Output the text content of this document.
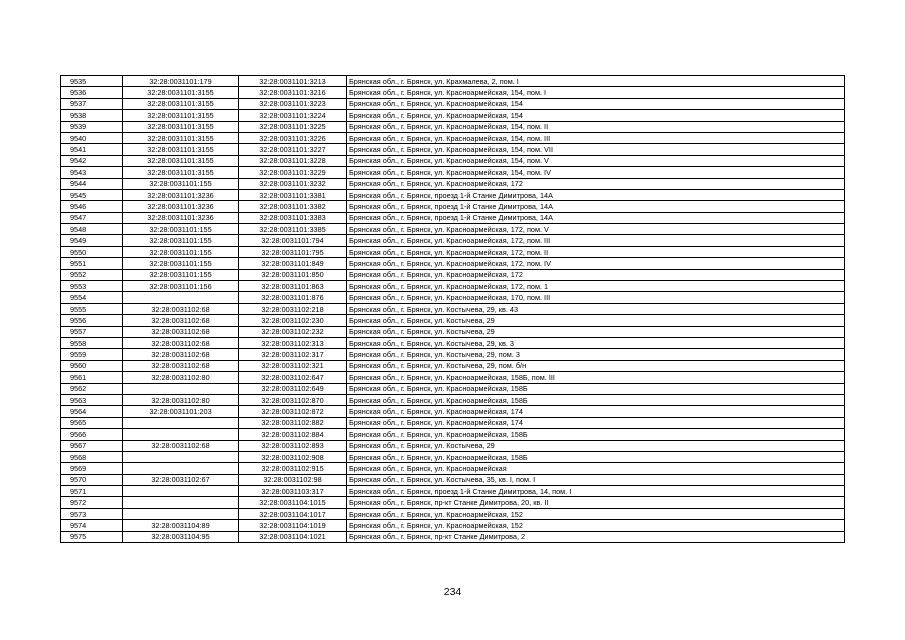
9535	32:28:0031101:179	32:28:0031101:3213	Брянская обл., г. Брянск, ул. Крахмалева, 2, пом. I
9536	32:28:0031101:3155	32:28:0031101:3216	Брянская обл., г. Брянск, ул. Красноармейская, 154, пом. I
9537	32:28:0031101:3155	32:28:0031101:3223	Брянская обл., г. Брянск, ул. Красноармейская, 154
9538	32:28:0031101:3155	32:28:0031101:3224	Брянская обл., г. Брянск, ул. Красноармейская, 154
9539	32:28:0031101:3155	32:28:0031101:3225	Брянская обл., г. Брянск, ул. Красноармейская, 154, пом. II
9540	32:28:0031101:3155	32:28:0031101:3226	Брянская обл., г. Брянск, ул. Красноармейская, 154, пом. III
9541	32:28:0031101:3155	32:28:0031101:3227	Брянская обл., г. Брянск, ул. Красноармейская, 154, пом. VII
9542	32:28:0031101:3155	32:28:0031101:3228	Брянская обл., г. Брянск, ул. Красноармейская, 154, пом. V
9543	32:28:0031101:3155	32:28:0031101:3229	Брянская обл., г. Брянск, ул. Красноармейская, 154, пом. IV
9544	32:28:0031101:155	32:28:0031101:3232	Брянская обл., г. Брянск, ул. Красноармейская, 172
9545	32:28:0031101:3236	32:28:0031101:3381	Брянская обл., г. Брянск, проезд 1-й Станке Димитрова, 14А
9546	32:28:0031101:3236	32:28:0031101:3382	Брянская обл., г. Брянск, проезд 1-й Станке Димитрова, 14А
9547	32:28:0031101:3236	32:28:0031101:3383	Брянская обл., г. Брянск, проезд 1-й Станке Димитрова, 14А
9548	32:28:0031101:155	32:28:0031101:3385	Брянская обл., г. Брянск, ул. Красноармейская, 172, пом. V
9549	32:28:0031101:155	32:28:0031101:794	Брянская обл., г. Брянск, ул. Красноармейская, 172, пом. III
9550	32:28:0031101:155	32:28:0031101:795	Брянская обл., г. Брянск, ул. Красноармейская, 172, пом. II
9551	32:28:0031101:155	32:28:0031101:849	Брянская обл., г. Брянск, ул. Красноармейская, 172, пом. IV
9552	32:28:0031101:155	32:28:0031101:850	Брянская обл., г. Брянск, ул. Красноармейская, 172
9553	32:28:0031101:156	32:28:0031101:863	Брянская обл., г. Брянск, ул. Красноармейская, 172, пом. 1
9554		32:28:0031101:876	Брянская обл., г. Брянск, ул. Красноармейская, 170, пом. III
9555	32:28:0031102:68	32:28:0031102:218	Брянская обл., г. Брянск, ул. Костычева, 29, кв. 43
9556	32:28:0031102:68	32:28:0031102:230	Брянская обл., г. Брянск, ул. Костычева, 29
9557	32:28:0031102:68	32:28:0031102:232	Брянская обл., г. Брянск, ул. Костычева, 29
9558	32:28:0031102:68	32:28:0031102:313	Брянская обл., г. Брянск, ул. Костычева, 29, кв. 3
9559	32:28:0031102:68	32:28:0031102:317	Брянская обл., г. Брянск, ул. Костычева, 29, пом. 3
9560	32:28:0031102:68	32:28:0031102:321	Брянская обл., г. Брянск, ул. Костычева, 29, пом. б/н
9561	32:28:0031102:80	32:28:0031102:647	Брянская обл., г. Брянск, ул. Красноармейская, 158Б, пом. III
9562		32:28:0031102:649	Брянская обл., г. Брянск, ул. Красноармейская, 158Б
9563	32:28:0031102:80	32:28:0031102:870	Брянская обл., г. Брянск, ул. Красноармейская, 158Б
9564	32:28:0031101:203	32:28:0031102:872	Брянская обл., г. Брянск, ул. Красноармейская, 174
9565		32:28:0031102:882	Брянская обл., г. Брянск, ул. Красноармейская, 174
9566		32:28:0031102:884	Брянская обл., г. Брянск, ул. Красноармейская, 158Б
9567	32:28:0031102:68	32:28:0031102:893	Брянская обл., г. Брянск, ул. Костычева, 29
9568		32:28:0031102:908	Брянская обл., г. Брянск, ул. Красноармейская, 158Б
9569		32:28:0031102:915	Брянская обл., г. Брянск, ул. Красноармейская
9570	32:28:0031102:67	32:28:0031102:98	Брянская обл., г. Брянск, ул. Костычева, 35, кв. I, пом. I
9571		32:28:0031103:317	Брянская обл., г. Брянск, проезд 1-й Станке Димитрова, 14, пом. I
9572		32:28:0031104:1015	Брянская обл., г. Брянск, пр-кт Станке Димитрова, 20, кв. II
9573		32:28:0031104:1017	Брянская обл., г. Брянск, ул. Красноармейская, 152
9574	32:28:0031104:89	32:28:0031104:1019	Брянская обл., г. Брянск, ул. Красноармейская, 152
9575	32:28:0031104:95	32:28:0031104:1021	Брянская обл., г. Брянск, пр-кт Станке Димитрова, 2
234
